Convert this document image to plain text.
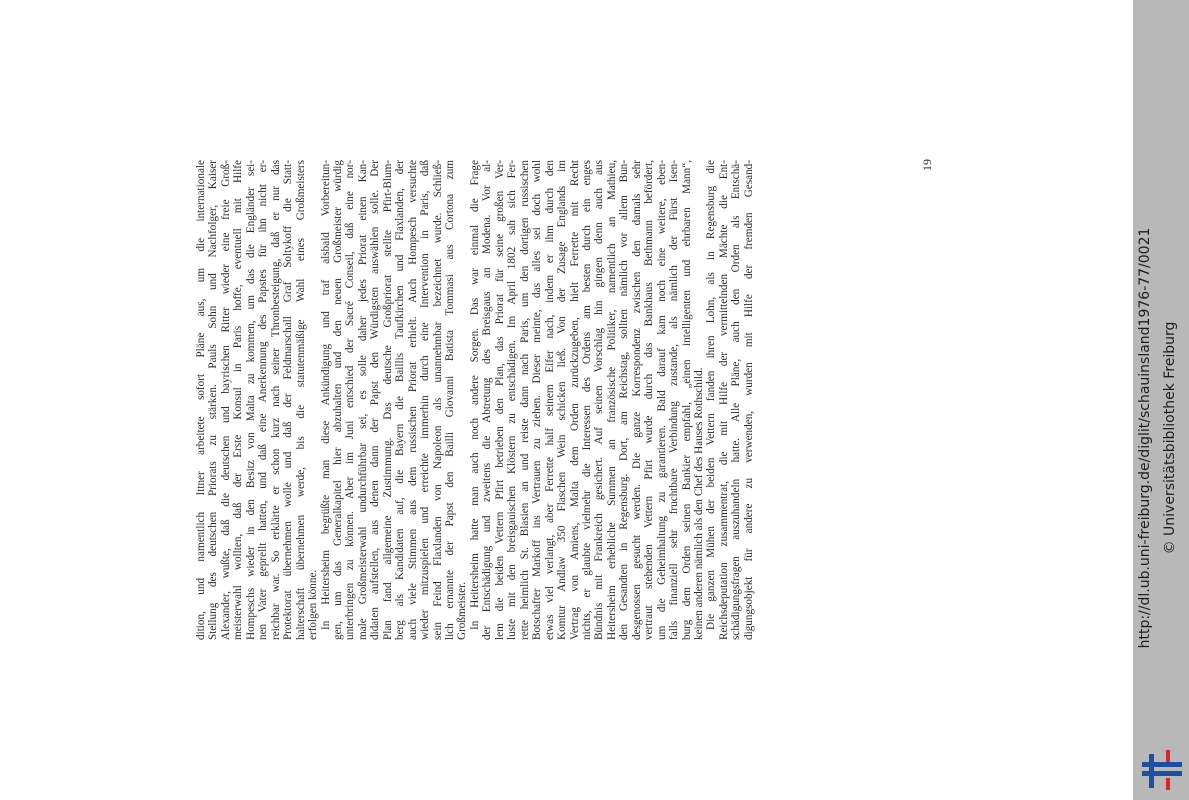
dition, und namentlich Ittner arbeitete sofort Pläne aus, um die internationale Stellung des deutschen Priorats zu stärken. Pauls Sohn und Nachfolger, Kaiser Alexander, wußte, daß die deutschen und bayrischen Ritter wieder eine freie Groß- meisterwahl wollten, daß der Erste Konsul in Paris hoffe, eventuell mit Hilfe Hompeschs wieder in den Besitz von Malta zu kommen, um das die Engländer sei- nen Vater geprellt hatten, und daß eine Anerkennung des Papstes für ihn nicht er- reichbar war. So erklärte er schon kurz nach seiner Thronbesteigung, daß er nur das Protektorat übernehmen wolle und daß der Feldmarschall Graf Soltykoff die Statt- halterschaft übernehmen werde, bis die statutenmäßige Wahl eines Großmeisters erfolgen könne. In Heitersheim begrüßte man diese Ankündigung und traf alsbald Vorbereitun- gen, um das Generalkapitel hier abzuhalten und den neuen Großmeister würdig unterbringen zu können. Aber im Juni entschied der Sacré Conseil, daß eine nor- male Großmeisterwahl undurchführbar sei, es solle daher jedes Priorat einen Kan- didaten aufstellen, aus denen dann der Papst den Würdigsten auswählen solle. Der Plan fand allgemeine Zustimmung. Das deutsche Großpriorat stellte Pfirt-Blum- berg als Kandidaten auf, die Bayern die Baillis Taufkirchen und Flaxlanden, der auch viele Stimmen aus dem russischen Priorat erhielt. Auch Hompesch versuchte wieder mitzuspielen und erreichte immerhin durch eine Intervention in Paris, daß sein Feind Flaxlanden von Napoleon als unannehmbar bezeichnet wurde. Schließ- lich ernannte der Papst den Bailli Giovanni Batista Tommasi aus Cortona zum Großmeister. In Heitersheim hatte man auch noch andere Sorgen. Das war einmal die Frage der Entschädigung und zweitens die Abtretung des Breisgaus an Modena. Vor al- lem die beiden Vettern Pfirt betrieben den Plan, das Priorat für seine großen Ver- luste mit den breisgauischen Klöstern zu entschädigen. Im April 1802 sah sich Fer- rette heimlich St. Blasien an und reiste dann nach Paris, um den dortigen russischen Botschafter Markoff ins Vertrauen zu ziehen. Dieser meinte, das alles sei doch wohl etwas viel verlangt, aber Ferrette half seinem Eifer nach, indem er ihm durch den Komtur Andlaw 350 Flaschen Wein schicken ließ. Von der Zusage Englands im Vertrag von Amiens, Malta dem Orden zurückzugeben, hielt Ferrette mit Recht nichts, er glaubte vielmehr die Interessen des Ordens am besten durch ein enges Bündnis mit Frankreich gesichert. Auf seinen Vorschlag hin gingen denn auch aus Heitersheim erhebliche Summen an französische Politiker, namentlich an Mathieu, den Gesandten in Regensburg. Dort, am Reichstag, sollten nämlich vor allem Bun- desgenossen gesucht werden. Die ganze Korrespondenz zwischen den damals sehr vertraut stehenden Vettern Pfirt wurde durch das Bankhaus Bethmann befördert, um die Geheimhaltung zu garantieren. Bald darauf kam noch eine weitere, eben- falls finanziell sehr fruchtbare Verbindung zustande, als nämlich der Fürst Isen- burg dem Orden seinen Bankier empfahl, „einen intelligenten und ehrbaren Mann“, keinen anderen nämlich als den Chef des Hauses Rothschild. Die ganzen Mühen der beiden Vettern fanden ihren Lohn, als in Regensburg die Reichsdeputation zusammentrat, die mit Hilfe der vermittelnden Mächte die Ent- schädigungsfragen auszuhandeln hatte. Alle Pläne, auch den Orden als Entschä- digungsobjekt für andere zu verwenden, wurden mit Hilfe der fremden Gesand-	19
http://dl.ub.uni-freiburg.de/diglit/schauinsland1976-77/0021 © Universitätsbibliothek Freiburg
